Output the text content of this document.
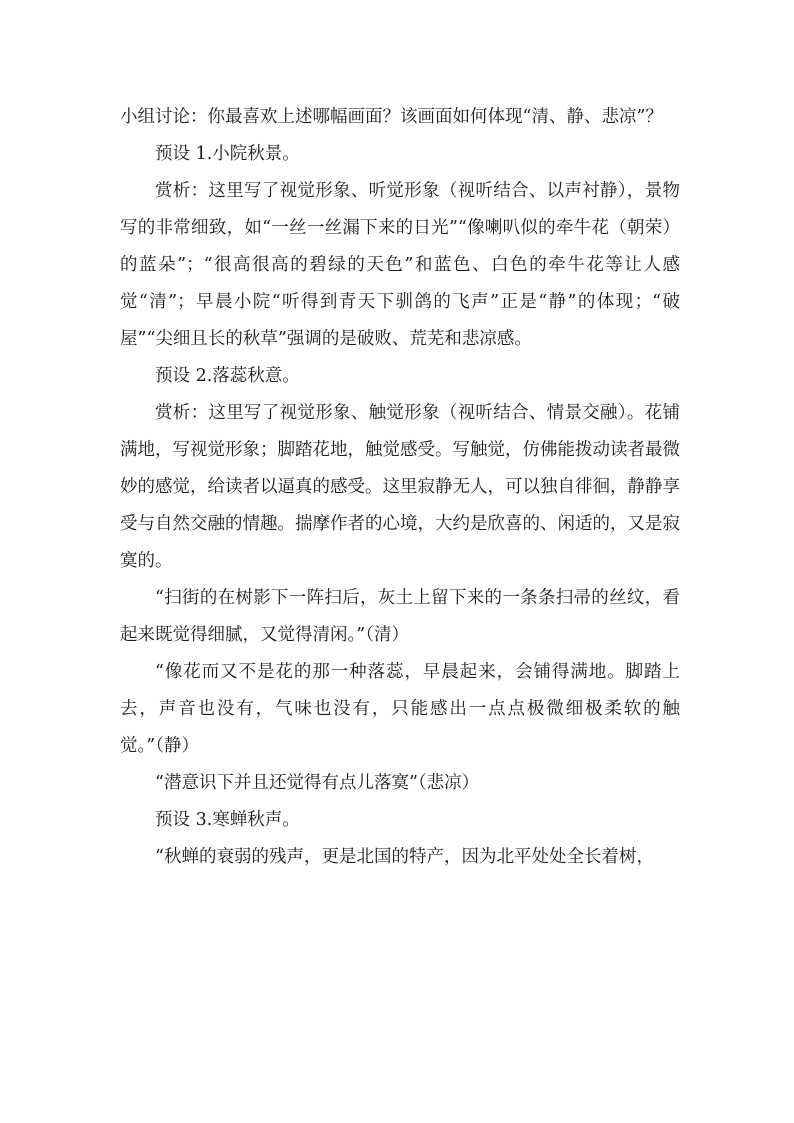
小组讨论：你最喜欢上述哪幅画面？该画面如何体现“清、静、悲凉”？

预设 1.小院秋景。

赏析：这里写了视觉形象、听觉形象（视听结合、以声衬静），景物写的非常细致，如“一丝一丝漏下来的日光”“像喇叭似的牵牛花（朝荣）的蓝朵”；“很高很高的碧绿的天色”和蓝色、白色的牵牛花等让人感觉“清”；早晨小院“听得到青天下驯鸽的飞声”正是“静”的体现；“破屋”“尖细且长的秋草”强调的是破败、荒芜和悲凉感。

预设 2.落蕊秋意。

赏析：这里写了视觉形象、触觉形象（视听结合、情景交融）。花铺满地，写视觉形象；脚踏花地，触觉感受。写触觉，仿佛能拨动读者最微妙的感觉，给读者以逼真的感受。这里寂静无人，可以独自徘徊，静静享受与自然交融的情趣。揣摩作者的心境，大约是欣喜的、闲适的，又是寂寞的。

“扫街的在树影下一阵扫后，灰土上留下来的一条条扫帚的丝纹，看起来既觉得细腻，又觉得清闲。”（清）

“像花而又不是花的那一种落蕊，早晨起来，会铺得满地。脚踏上去，声音也没有，气味也没有，只能感出一点点极微细极柔软的触觉。”（静）

“潜意识下并且还觉得有点儿落寞”（悲凉）

预设 3.寒蝉秋声。

“秋蝉的衰弱的残声，更是北国的特产，因为北平处处全长着树，
